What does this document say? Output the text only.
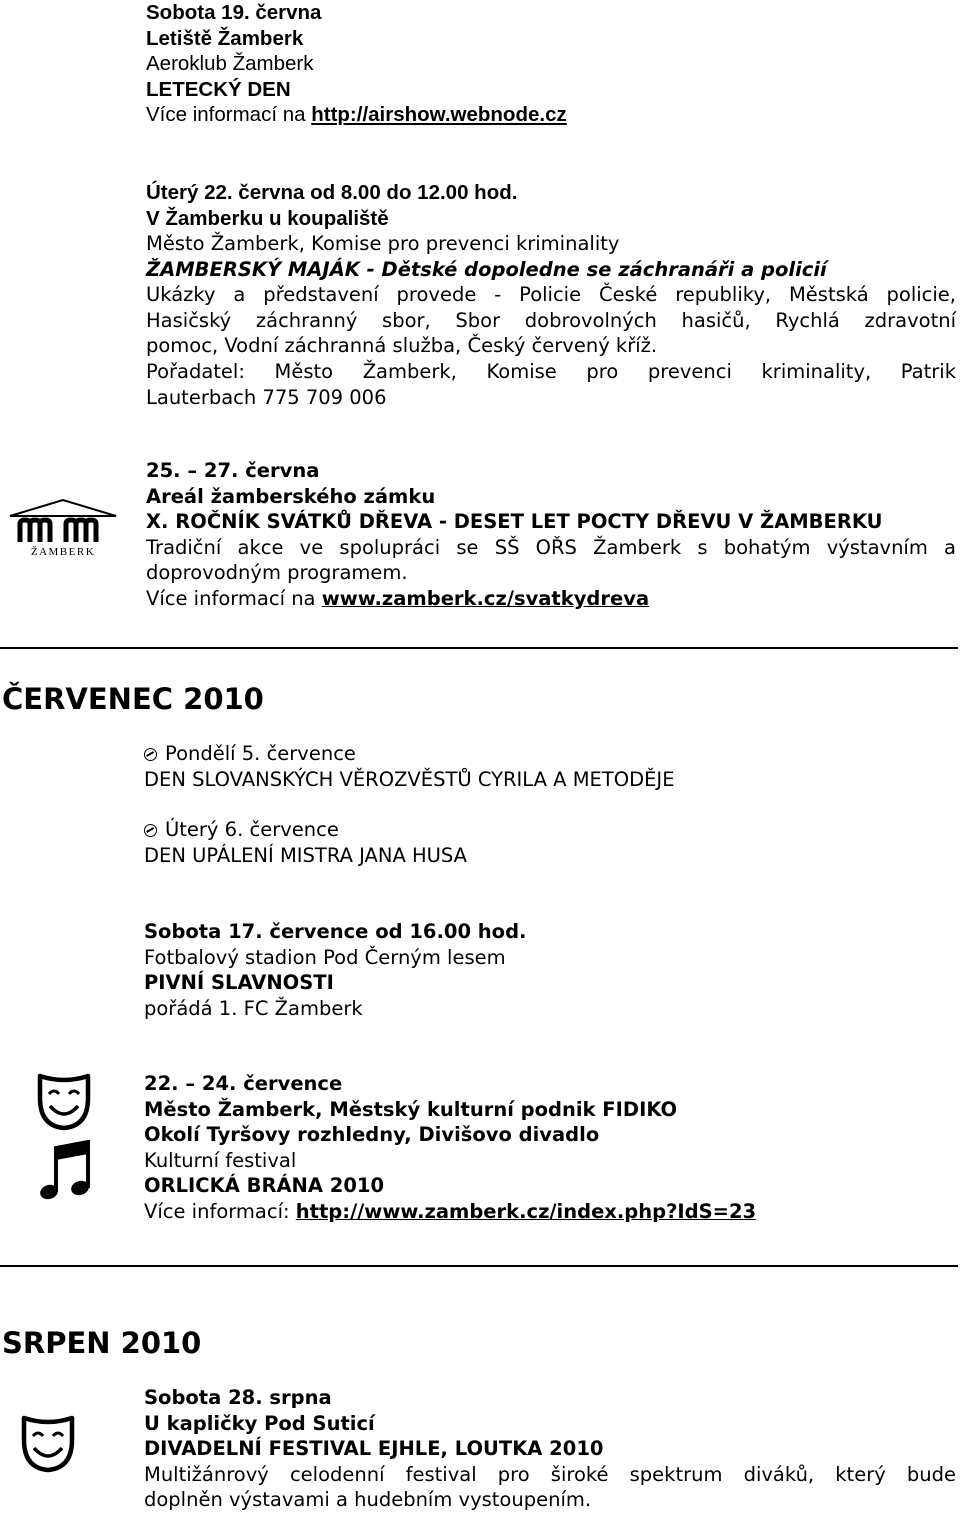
Sobota 19. června
Letiště Žamberk
Aeroklub Žamberk
LETECKÝ DEN
Více informací na http://airshow.webnode.cz
Úterý 22. června od 8.00 do 12.00 hod.
V Žamberku u koupaliště
Město Žamberk, Komise pro prevenci kriminality
ŽAMBERSKÝ MAJÁK - Dětské dopoledne se záchranáři a policií
Ukázky a představení provede - Policie České republiky, Městská policie,
Hasičský záchranný sbor, Sbor dobrovolných hasičů, Rychlá zdravotní
pomoc, Vodní záchranná služba, Český červený kříž.
Pořadatel: Město Žamberk, Komise pro prevenci kriminality, Patrik
Lauterbach 775 709 006
ŽAMBERK
25. – 27. června
Areál žamberského zámku
X. ROČNÍK SVÁTKŮ DŘEVA - DESET LET POCTY DŘEVU V ŽAMBERKU
Tradiční akce ve spolupráci se SŠ OŘS Žamberk s bohatým výstavním a
doprovodným programem.
Více informací na www.zamberk.cz/svatkydreva
ČERVENEC 2010
Pondělí 5. července
DEN SLOVANSKÝCH VĚROZVĚSTŮ CYRILA A METODĚJE
Úterý 6. července
DEN UPÁLENÍ MISTRA JANA HUSA
Sobota 17. července od 16.00 hod.
Fotbalový stadion Pod Černým lesem
PIVNÍ SLAVNOSTI
pořádá 1. FC Žamberk
22. – 24. července
Město Žamberk, Městský kulturní podnik FIDIKO
Okolí Tyršovy rozhledny, Divišovo divadlo
Kulturní festival
ORLICKÁ BRÁNA 2010
Více informací: http://www.zamberk.cz/index.php?IdS=23
SRPEN 2010
Sobota 28. srpna
U kapličky Pod Suticí
DIVADELNÍ FESTIVAL EJHLE, LOUTKA 2010
Multižánrový celodenní festival pro široké spektrum diváků, který bude
doplněn výstavami a hudebním vystoupením.
